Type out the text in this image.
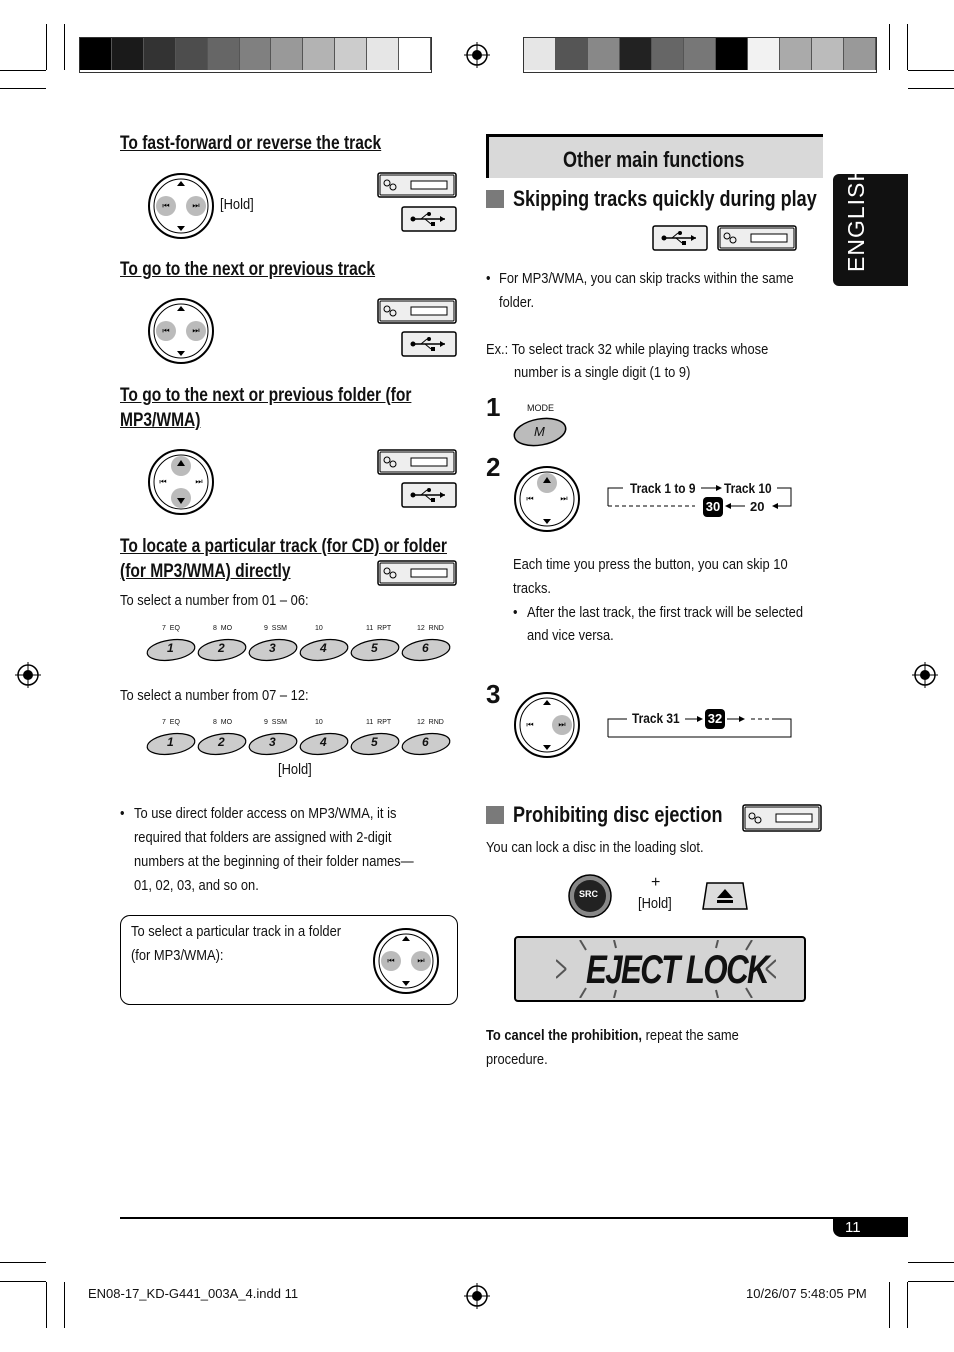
To fast-forward or reverse the track
⏮	⏭ [Hold]
To go to the next or previous track
⏮	⏭
To go to the next or previous folder (for
MP3/WMA)
⏮	⏭
To locate a particular track (for CD) or folder
(for MP3/WMA) directly
To select a number from 01 – 06:
7  EQ
1
8  MO
2
9  SSM
3
10
4
11  RPT
5
12  RND
6
To select a number from 07 – 12:
7  EQ
1
8  MO
2
9  SSM
3
10
4
11  RPT
5
12  RND
6
[Hold]
• To use direct folder access on MP3/WMA, it is
required that folders are assigned with 2-digit
numbers at the beginning of their folder names—
01, 02, 03, and so on.
To select a particular track in a folder
(for MP3/WMA):	⏮	⏭
Other main functions
Skipping tracks quickly during play
• For MP3/WMA, you can skip tracks within the same
folder.
Ex.: To select track 32 while playing tracks whose
number is a single digit (1 to 9)
1	MODE
M
2
⏮	⏭
Track 1 to 9 Track 10
30 20
Each time you press the button, you can skip 10
tracks.
• After the last track, the first track will be selected
and vice versa.
3
⏮	⏭	Track 31 32
Prohibiting disc ejection
You can lock a disc in the loading slot.
SRC
+
[Hold]
EJECT LOCK
To cancel the prohibition, repeat the same
procedure.
ENGLISH
11
EN08-17_KD-G441_003A_4.indd 11	10/26/07 5:48:05 PM
